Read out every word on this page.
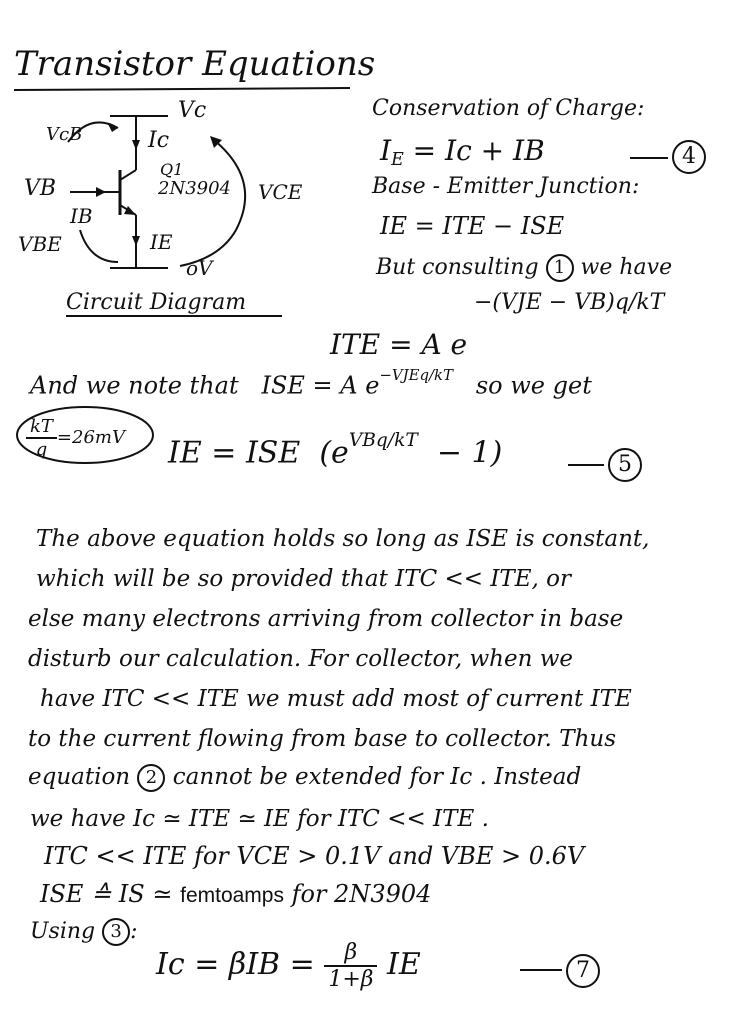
Transistor Equations
Vc
VcB	Ic
Q1
2N3904 VCE
VB
IB
VBE	IE
oV
Circuit Diagram
Conservation of Charge:
$I_E = Ic$ + IB	4
Base - Emitter Junction:
IE = ITE − ISE
But consulting 1 we have
−(VJE − VB)q/kT
ITE = A e
And we note that ISE = A $e^{-VJEq/kT}$ so we get
$\frac{kT}{q} =26mV$ IE = ISE $(e^{VBq/kT} - 1)$	5
The above equation holds so long as ISE is constant,
which will be so provided that ITC << ITE, or
else many electrons arriving from collector in base
disturb our calculation. For collector, when we
have ITC << ITE we must add most of current ITE
to the current flowing from base to collector. Thus
equation 2 cannot be extended for Ic . Instead
we have Ic ≃ ITE ≃ IE for ITC << ITE .
ITC << ITE for VCE > 0.1V and VBE > 0.6V
ISE ≙ IS ≃ femtoamps for 2N3904
Using 3 :
$Ic = \beta IB = \frac{\beta}{1+\beta}$ IE	7
